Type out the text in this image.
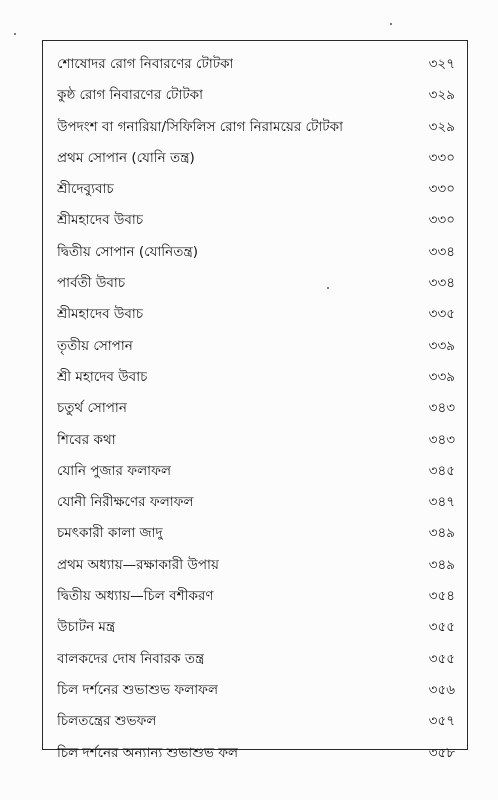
শোষোদর রোগ নিবারণের টোটকা	৩২৭
কুষ্ঠ রোগ নিবারণের টোটকা	৩২৯
উপদংশ বা গনারিয়া/সিফিলিস রোগ নিরাময়ের টোটকা	৩২৯
প্রথম সোপান (যোনি তন্ত্র)	৩৩০
শ্রীদেব্যুবাচ	৩৩০
শ্রীমহাদেব উবাচ	৩৩০
দ্বিতীয় সোপান (যোনিতন্ত্র)	৩৩৪
পার্বতী উবাচ	৩৩৪
শ্রীমহাদেব উবাচ	৩৩৫
তৃতীয় সোপান	৩৩৯
শ্রী মহাদেব উবাচ	৩৩৯
চতুর্থ সোপান	৩৪৩
শিবের কথা	৩৪৩
যোনি পুজার ফলাফল	৩৪৫
যোনী নিরীক্ষণের ফলাফল	৩৪৭
চমৎকারী কালা জাদু	৩৪৯
প্রথম অধ্যায়—রক্ষাকারী উপায়	৩৪৯
দ্বিতীয় অধ্যায়—চিল বশীকরণ	৩৫৪
উচাটন মন্ত্র	৩৫৫
বালকদের দোষ নিবারক তন্ত্র	৩৫৫
চিল দর্শনের শুভাশুভ ফলাফল	৩৫৬
চিলতন্ত্রের শুভফল	৩৫৭
চিল দর্শনের অন্যান্য শুভাশুভ ফল	৩৫৮
